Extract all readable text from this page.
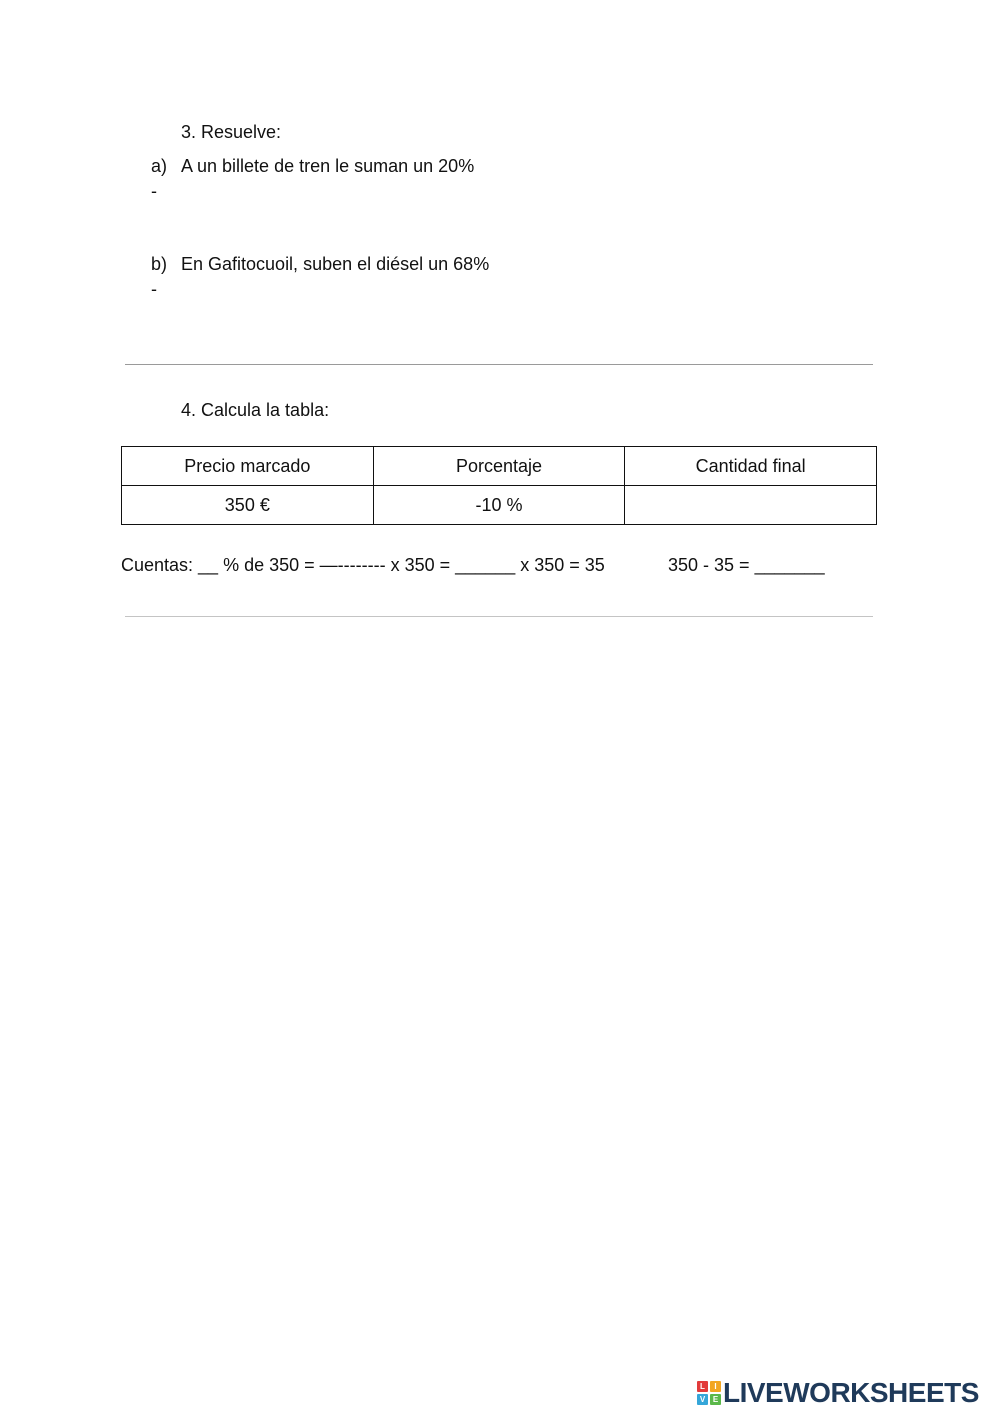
3. Resuelve:
a) A un billete de tren le suman un 20%
-
b) En Gafitocuoil, suben el diésel un 68%
-
4. Calcula la tabla:
Precio marcado	Porcentaje	Cantidad final
350 €	-10 %	
Cuentas: __ % de 350 = —-------- x 350 = ______ x 350 = 35	350 - 35 = _______
L	I
V E LIVEWORKSHEETS
